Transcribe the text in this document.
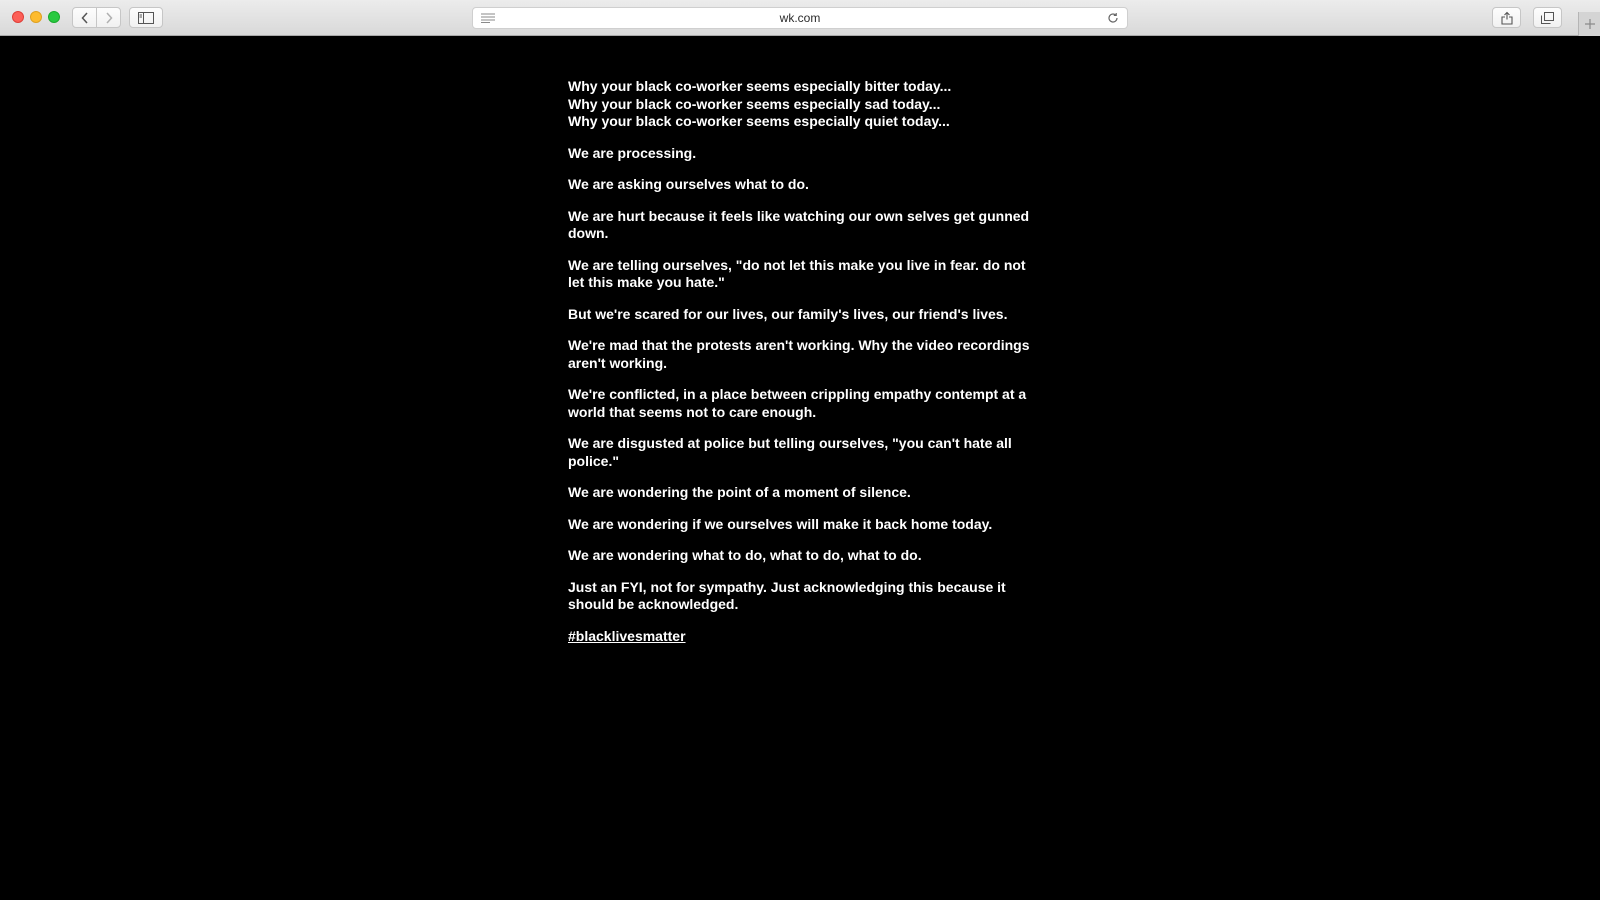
wk.com

Why your black co-worker seems especially bitter today...

Why your black co-worker seems especially sad today...

Why your black co-worker seems especially quiet today...

We are processing.

We are asking ourselves what to do.

We are hurt because it feels like watching our own selves get gunned down.

We are telling ourselves, "do not let this make you live in fear. do not let this make you hate."

But we're scared for our lives, our family's lives, our friend's lives.

We're mad that the protests aren't working. Why the video recordings aren't working.

We're conflicted, in a place between crippling empathy contempt at a world that seems not to care enough.

We are disgusted at police but telling ourselves, "you can't hate all police."

We are wondering the point of a moment of silence.

We are wondering if we ourselves will make it back home today.

We are wondering what to do, what to do, what to do.

Just an FYI, not for sympathy. Just acknowledging this because it should be acknowledged.

#blacklivesmatter
